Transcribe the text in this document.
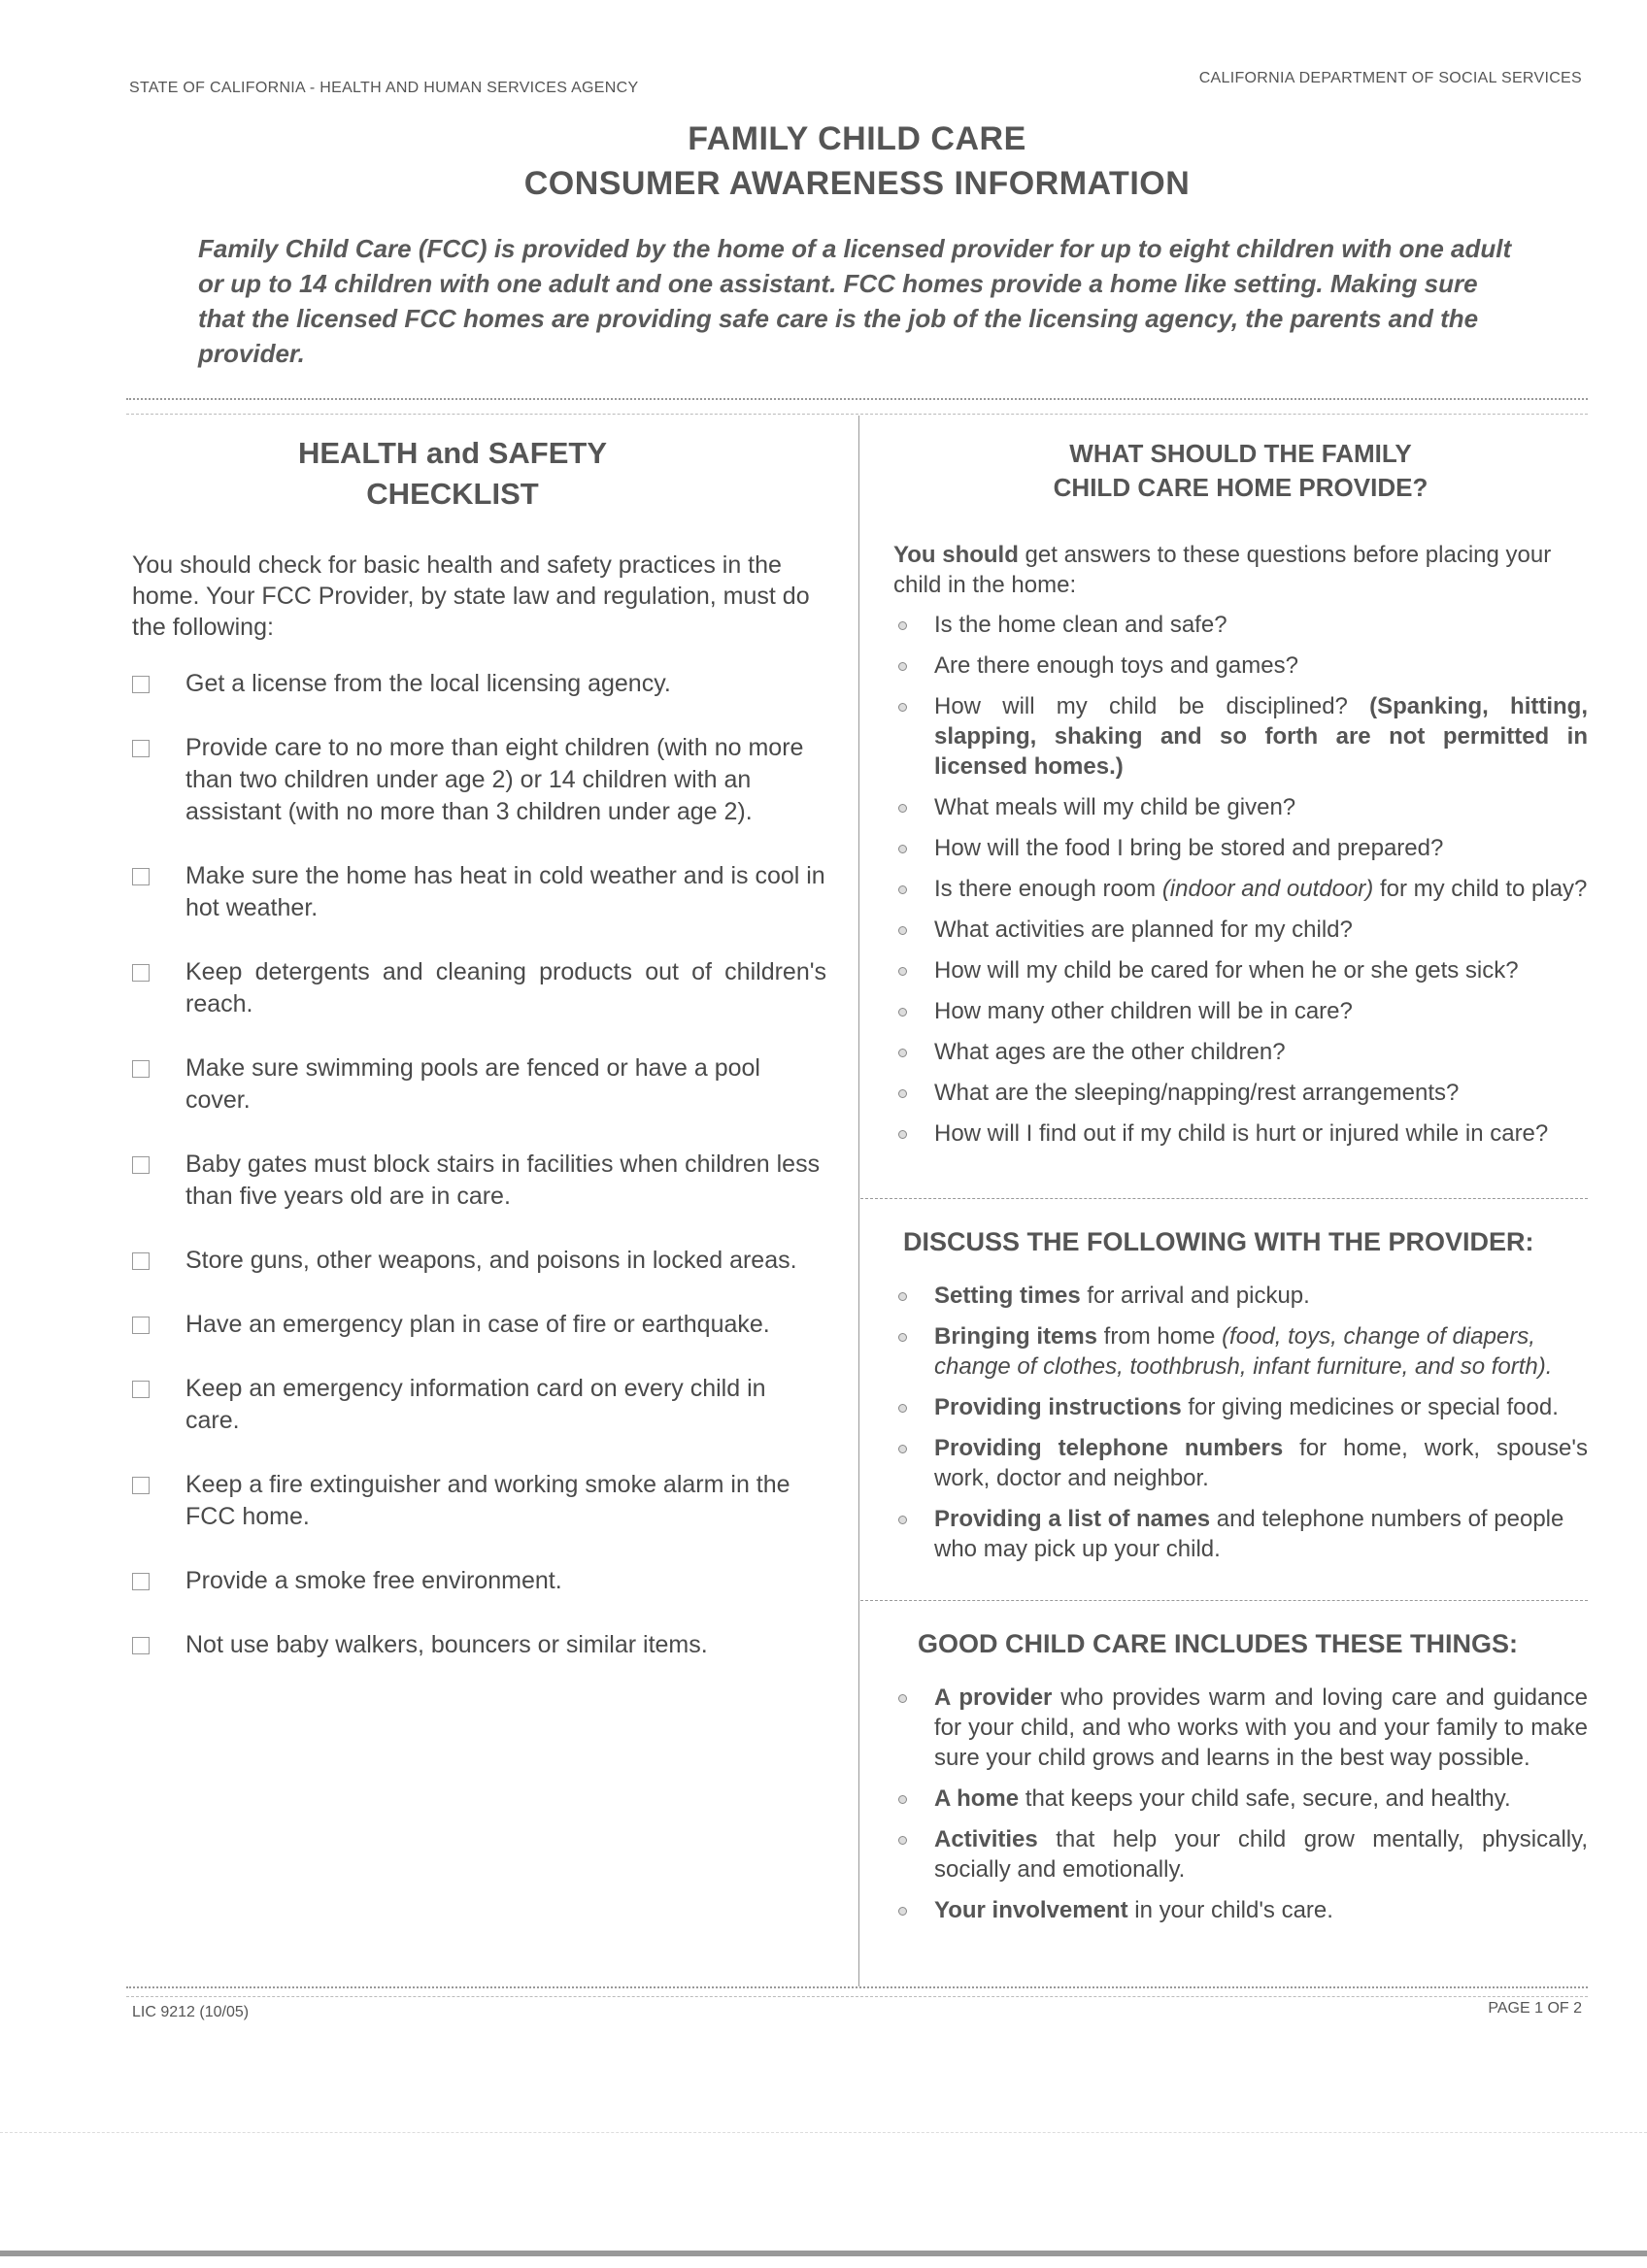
STATE OF CALIFORNIA - HEALTH AND HUMAN SERVICES AGENCY
CALIFORNIA DEPARTMENT OF SOCIAL SERVICES
FAMILY CHILD CARE
CONSUMER AWARENESS INFORMATION
Family Child Care (FCC) is provided by the home of a licensed provider for up to eight children with one adult or up to 14 children with one adult and one assistant. FCC homes provide a home like setting. Making sure that the licensed FCC homes are providing safe care is the job of the licensing agency, the parents and the provider.
HEALTH and SAFETY
CHECKLIST
You should check for basic health and safety practices in the home. Your FCC Provider, by state law and regulation, must do the following:
Get a license from the local licensing agency.
Provide care to no more than eight children (with no more than two children under age 2) or 14 children with an assistant (with no more than 3 children under age 2).
Make sure the home has heat in cold weather and is cool in hot weather.
Keep detergents and cleaning products out of children's reach.
Make sure swimming pools are fenced or have a pool cover.
Baby gates must block stairs in facilities when children less than five years old are in care.
Store guns, other weapons, and poisons in locked areas.
Have an emergency plan in case of fire or earthquake.
Keep an emergency information card on every child in care.
Keep a fire extinguisher and working smoke alarm in the FCC home.
Provide a smoke free environment.
Not use baby walkers, bouncers or similar items.
WHAT SHOULD THE FAMILY
CHILD CARE HOME PROVIDE?
You should get answers to these questions before placing your child in the home:
Is the home clean and safe?
Are there enough toys and games?
How will my child be disciplined? (Spanking, hitting, slapping, shaking and so forth are not permitted in licensed homes.)
What meals will my child be given?
How will the food I bring be stored and prepared?
Is there enough room (indoor and outdoor) for my child to play?
What activities are planned for my child?
How will my child be cared for when he or she gets sick?
How many other children will be in care?
What ages are the other children?
What are the sleeping/napping/rest arrangements?
How will I find out if my child is hurt or injured while in care?
DISCUSS THE FOLLOWING WITH THE PROVIDER:
Setting times for arrival and pickup.
Bringing items from home (food, toys, change of diapers, change of clothes, toothbrush, infant furniture, and so forth).
Providing instructions for giving medicines or special food.
Providing telephone numbers for home, work, spouse's work, doctor and neighbor.
Providing a list of names and telephone numbers of people who may pick up your child.
GOOD CHILD CARE INCLUDES THESE THINGS:
A provider who provides warm and loving care and guidance for your child, and who works with you and your family to make sure your child grows and learns in the best way possible.
A home that keeps your child safe, secure, and healthy.
Activities that help your child grow mentally, physically, socially and emotionally.
Your involvement in your child's care.
LIC 9212 (10/05)	PAGE 1 OF 2
